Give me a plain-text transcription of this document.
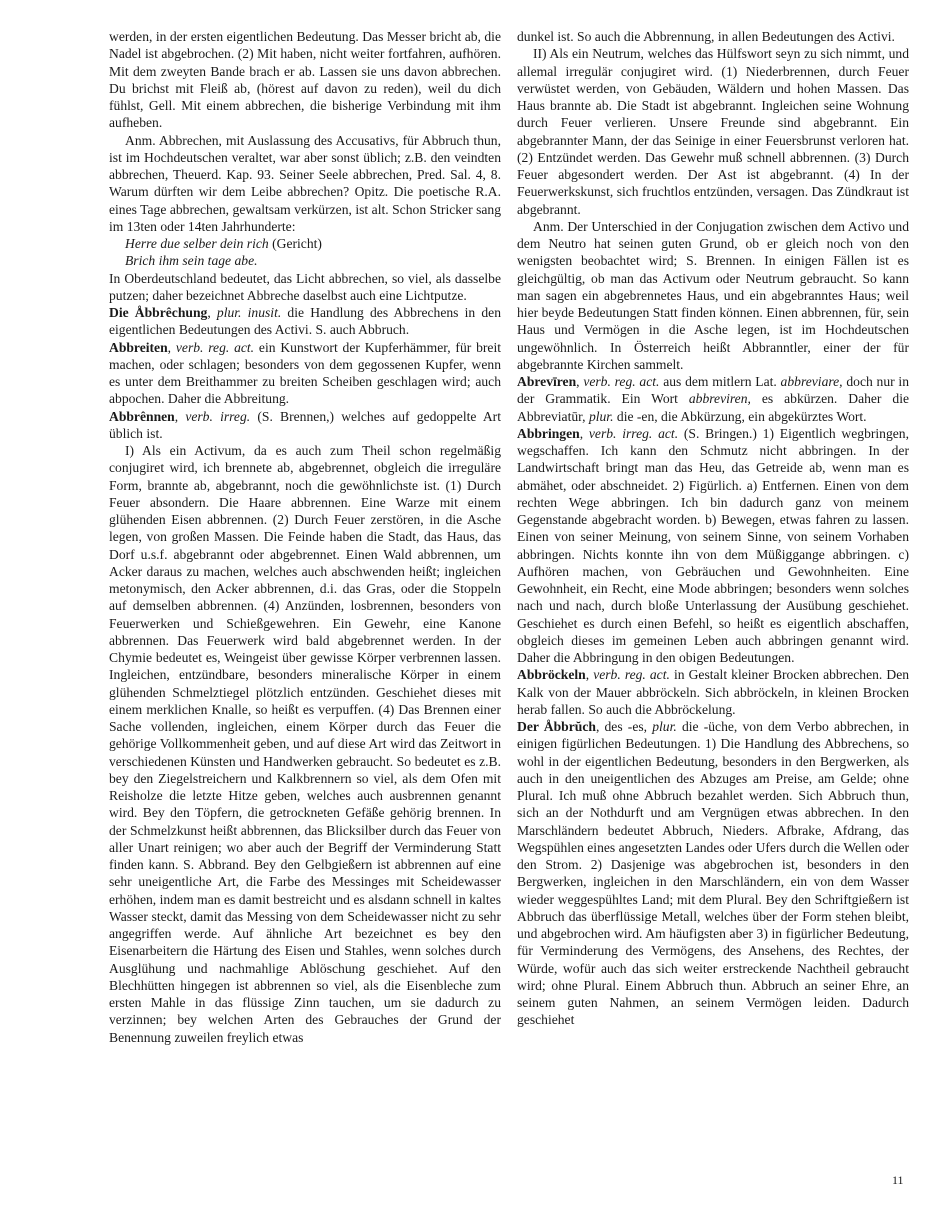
werden, in der ersten eigentlichen Bedeutung. Das Messer bricht ab, die Nadel ist abgebrochen. (2) Mit haben, nicht weiter fortfahren, aufhören. Mit dem zweyten Bande brach er ab. Lassen sie uns davon abbrechen. Du brichst mit Fleiß ab, (hörest auf davon zu reden), weil du dich fühlst, Gell. Mit einem abbrechen, die bisherige Verbindung mit ihm aufheben.

Anm. Abbrechen, mit Auslassung des Accusativs, für Abbruch thun, ist im Hochdeutschen veraltet, war aber sonst üblich; z.B. den veindten abbrechen, Theuerd. Kap. 93. Seiner Seele abbrechen, Pred. Sal. 4, 8. Warum dürften wir dem Leibe abbrechen? Opitz. Die poetische R.A. eines Tage abbrechen, gewaltsam verkürzen, ist alt. Schon Stricker sang im 13ten oder 14ten Jahrhunderte:

Herre due selber dein rich (Gericht)

Brich ihm sein tage abe.

In Oberdeutschland bedeutet, das Licht abbrechen, so viel, als dasselbe putzen; daher bezeichnet Abbreche daselbst auch eine Lichtputze.

Die Åbbrêchung, plur. inusit. die Handlung des Abbrechens in den eigentlichen Bedeutungen des Activi. S. auch Abbruch.

Abbreiten, verb. reg. act. ein Kunstwort der Kupferhämmer, für breit machen, oder schlagen; besonders von dem gegossenen Kupfer, wenn es unter dem Breithammer zu breiten Scheiben geschlagen wird; auch abpochen. Daher die Abbreitung.

Abbrênnen, verb. irreg. (S. Brennen,) welches auf gedoppelte Art üblich ist.

I) Als ein Activum, da es auch zum Theil schon regelmäßig conjugiret wird, ich brennete ab, abgebrennet, obgleich die irreguläre Form, brannte ab, abgebrannt, noch die gewöhnlichste ist. (1) Durch Feuer absondern. Die Haare abbrennen. Eine Warze mit einem glühenden Eisen abbrennen. (2) Durch Feuer zerstören, in die Asche legen, von großen Massen. Die Feinde haben die Stadt, das Haus, das Dorf u.s.f. abgebrannt oder abgebrennet. Einen Wald abbrennen, um Acker daraus zu machen, welches auch abschwenden heißt; ingleichen metonymisch, den Acker abbrennen, d.i. das Gras, oder die Stoppeln auf demselben abbrennen. (4) Anzünden, losbrennen, besonders von Feuerwerken und Schießgewehren. Ein Gewehr, eine Kanone abbrennen. Das Feuerwerk wird bald abgebrennet werden. In der Chymie bedeutet es, Weingeist über gewisse Körper verbrennen lassen. Ingleichen, entzündbare, besonders mineralische Körper in einem glühenden Schmelztiegel plötzlich entzünden. Geschiehet dieses mit einem merklichen Knalle, so heißt es verpuffen. (4) Das Brennen einer Sache vollenden, ingleichen, einem Körper durch das Feuer die gehörige Vollkommenheit geben, und auf diese Art wird das Zeitwort in verschiedenen Künsten und Handwerken gebraucht. So bedeutet es z.B. bey den Ziegelstreichern und Kalkbrennern so viel, als dem Ofen mit Reisholze die letzte Hitze geben, welches auch ausbrennen genannt wird. Bey den Töpfern, die getrockneten Gefäße gehörig brennen. In der Schmelzkunst heißt abbrennen, das Blicksilber durch das Feuer von aller Unart reinigen; wo aber auch der Begriff der Verminderung Statt finden kann. S. Abbrand. Bey den Gelbgießern ist abbrennen auf eine sehr uneigentliche Art, die Farbe des Messinges mit Scheidewasser erhöhen, indem man es damit bestreicht und es alsdann schnell in kaltes Wasser steckt, damit das Messing von dem Scheidewasser nicht zu sehr angegriffen werde. Auf ähnliche Art bezeichnet es bey den Eisenarbeitern die Härtung des Eisen und Stahles, wenn solches durch Ausglühung und nachmahlige Ablöschung geschiehet. Auf den Blechhütten hingegen ist abbrennen so viel, als die Eisenbleche zum ersten Mahle in das flüssige Zinn tauchen, um sie dadurch zu verzinnen; bey welchen Arten des Gebrauches der Grund der Benennung zuweilen freylich etwas

dunkel ist. So auch die Abbrennung, in allen Bedeutungen des Activi.

II) Als ein Neutrum, welches das Hülfswort seyn zu sich nimmt, und allemal irregulär conjugiret wird. (1) Niederbrennen, durch Feuer verwüstet werden, von Gebäuden, Wäldern und hohen Massen. Das Haus brannte ab. Die Stadt ist abgebrannt. Ingleichen seine Wohnung durch Feuer verlieren. Unsere Freunde sind abgebrannt. Ein abgebrannter Mann, der das Seinige in einer Feuersbrunst verloren hat. (2) Entzündet werden. Das Gewehr muß schnell abbrennen. (3) Durch Feuer abgesondert werden. Der Ast ist abgebrannt. (4) In der Feuerwerkskunst, sich fruchtlos entzünden, versagen. Das Zündkraut ist abgebrannt.

Anm. Der Unterschied in der Conjugation zwischen dem Activo und dem Neutro hat seinen guten Grund, ob er gleich noch von den wenigsten beobachtet wird; S. Brennen. In einigen Fällen ist es gleichgültig, ob man das Activum oder Neutrum gebraucht. So kann man sagen ein abgebrennetes Haus, und ein abgebranntes Haus; weil hier beyde Bedeutungen Statt finden können. Einen abbrennen, für, sein Haus und Vermögen in die Asche legen, ist im Hochdeutschen ungewöhnlich. In Österreich heißt Abbranntler, einer der für abgebrannte Kirchen sammelt.

Abrevīren, verb. reg. act. aus dem mitlern Lat. abbreviare, doch nur in der Grammatik. Ein Wort abbreviren, es abkürzen. Daher die Abbreviatūr, plur. die -en, die Abkürzung, ein abgekürztes Wort.

Abbringen, verb. irreg. act. (S. Bringen.) 1) Eigentlich wegbringen, wegschaffen. Ich kann den Schmutz nicht abbringen. In der Landwirtschaft bringt man das Heu, das Getreide ab, wenn man es abmähet, oder abschneidet. 2) Figürlich. a) Entfernen. Einen von dem rechten Wege abbringen. Ich bin dadurch ganz von meinem Gegenstande abgebracht worden. b) Bewegen, etwas fahren zu lassen. Einen von seiner Meinung, von seinem Sinne, von seinem Vorhaben abbringen. Nichts konnte ihn von dem Müßiggange abbringen. c) Aufhören machen, von Gebräuchen und Gewohnheiten. Eine Gewohnheit, ein Recht, eine Mode abbringen; besonders wenn solches nach und nach, durch bloße Unterlassung der Ausübung geschiehet. Geschiehet es durch einen Befehl, so heißt es eigentlich abschaffen, obgleich dieses im gemeinen Leben auch abbringen genannt wird. Daher die Abbringung in den obigen Bedeutungen.

Abbröckeln, verb. reg. act. in Gestalt kleiner Brocken abbrechen. Den Kalk von der Mauer abbröckeln. Sich abbröckeln, in kleinen Brocken herab fallen. So auch die Abbröckelung.

Der Åbbrŭch, des -es, plur. die -üche, von dem Verbo abbrechen, in einigen figürlichen Bedeutungen. 1) Die Handlung des Abbrechens, so wohl in der eigentlichen Bedeutung, besonders in den Bergwerken, als auch in den uneigentlichen des Abzuges am Preise, am Gelde; ohne Plural. Ich muß ohne Abbruch bezahlet werden. Sich Abbruch thun, sich an der Nothdurft und am Vergnügen etwas abbrechen. In den Marschländern bedeutet Abbruch, Nieders. Afbrake, Afdrang, das Wegspühlen eines angesetzten Landes oder Ufers durch die Wellen oder den Strom. 2) Dasjenige was abgebrochen ist, besonders in den Bergwerken, ingleichen in den Marschländern, ein von dem Wasser wieder weggespühltes Land; mit dem Plural. Bey den Schriftgießern ist Abbruch das überflüssige Metall, welches über der Form stehen bleibt, und abgebrochen wird. Am häufigsten aber 3) in figürlicher Bedeutung, für Verminderung des Vermögens, des Ansehens, des Rechtes, der Würde, wofür auch das sich weiter erstreckende Nachtheil gebraucht wird; ohne Plural. Einem Abbruch thun. Abbruch an seiner Ehre, an seinem guten Nahmen, an seinem Vermögen leiden. Dadurch geschiehet

11
